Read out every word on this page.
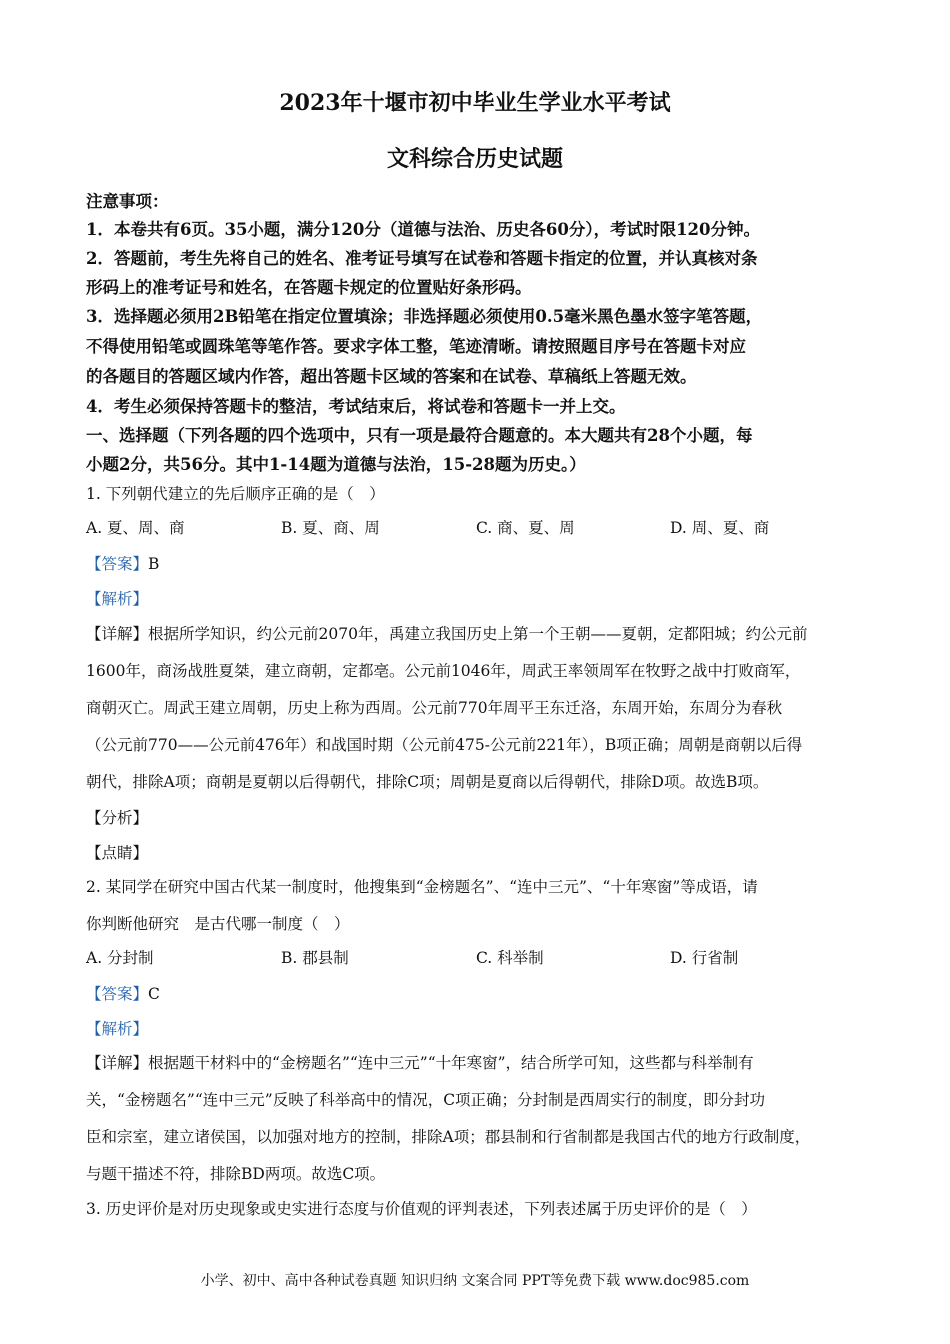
2023年十堰市初中毕业生学业水平考试
文科综合历史试题
注意事项：
1．本卷共有6页。35小题，满分120分（道德与法治、历史各60分），考试时限120分钟。
2．答题前，考生先将自己的姓名、准考证号填写在试卷和答题卡指定的位置，并认真核对条
形码上的准考证号和姓名，在答题卡规定的位置贴好条形码。
3．选择题必须用2B铅笔在指定位置填涂；非选择题必须使用0.5毫米黑色墨水签字笔答题，
不得使用铅笔或圆珠笔等笔作答。要求字体工整，笔迹清晰。请按照题目序号在答题卡对应
的各题目的答题区域内作答，超出答题卡区域的答案和在试卷、草稿纸上答题无效。
4．考生必须保持答题卡的整洁，考试结束后，将试卷和答题卡一并上交。
一、选择题（下列各题的四个选项中，只有一项是最符合题意的。本大题共有28个小题，每
小题2分，共56分。其中1-14题为道德与法治，15-28题为历史。）
1. 下列朝代建立的先后顺序正确的是（　）
A. 夏、周、商	B. 夏、商、周	C. 商、夏、周	D. 周、夏、商
【答案】B
【解析】
【详解】根据所学知识，约公元前2070年，禹建立我国历史上第一个王朝——夏朝，定都阳城；约公元前
1600年，商汤战胜夏桀，建立商朝，定都亳。公元前1046年，周武王率领周军在牧野之战中打败商军，
商朝灭亡。周武王建立周朝，历史上称为西周。公元前770年周平王东迁洛，东周开始，东周分为春秋
（公元前770——公元前476年）和战国时期（公元前475-公元前221年），B项正确；周朝是商朝以后得
朝代，排除A项；商朝是夏朝以后得朝代，排除C项；周朝是夏商以后得朝代，排除D项。故选B项。
【分析】
【点睛】
2. 某同学在研究中国古代某一制度时，他搜集到“金榜题名”、“连中三元”、“十年寒窗”等成语，请
你判断他研究　是古代哪一制度（　）
A. 分封制	B. 郡县制	C. 科举制	D. 行省制
【答案】C
【解析】
【详解】根据题干材料中的“金榜题名”“连中三元”“十年寒窗”，结合所学可知，这些都与科举制有
关，“金榜题名”“连中三元”反映了科举高中的情况，C项正确；分封制是西周实行的制度，即分封功
臣和宗室，建立诸侯国，以加强对地方的控制，排除A项；郡县制和行省制都是我国古代的地方行政制度，
与题干描述不符，排除BD两项。故选C项。
3. 历史评价是对历史现象或史实进行态度与价值观的评判表述，下列表述属于历史评价的是（　）
小学、初中、高中各种试卷真题 知识归纳 文案合同 PPT等免费下载 www.doc985.com
